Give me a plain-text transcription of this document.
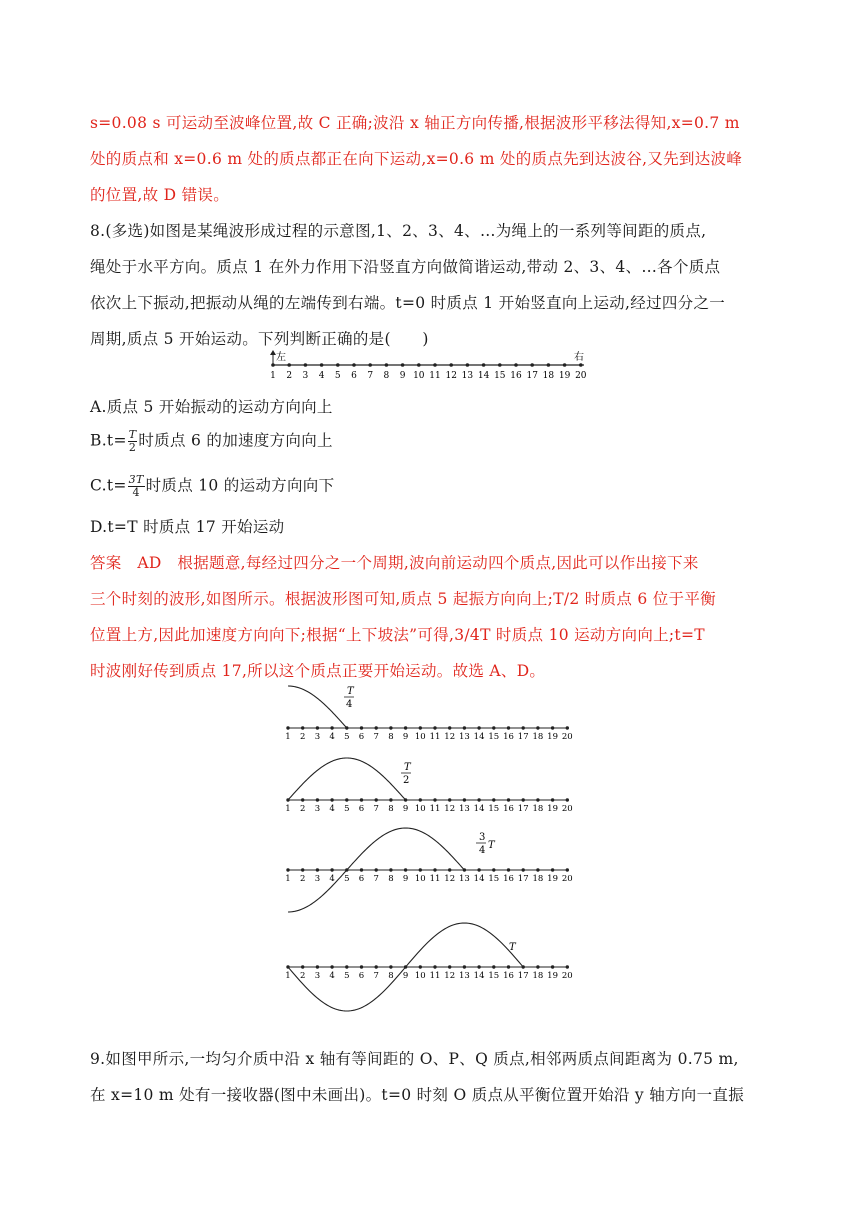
s=0.08 s 可运动至波峰位置,故 C 正确;波沿 x 轴正方向传播,根据波形平移法得知,x=0.7 m
处的质点和 x=0.6 m 处的质点都正在向下运动,x=0.6 m 处的质点先到达波谷,又先到达波峰
的位置,故 D 错误。
8.(多选)如图是某绳波形成过程的示意图,1、2、3、4、…为绳上的一系列等间距的质点,
绳处于水平方向。质点 1 在外力作用下沿竖直方向做简谐运动,带动 2、3、4、…各个质点
依次上下振动,把振动从绳的左端传到右端。t=0 时质点 1 开始竖直向上运动,经过四分之一
周期,质点 5 开始运动。下列判断正确的是(　　)
左	右
1 2 3 4 5 6 7 8 9 10 11 12 13 14 15 16 17 18 19 20
A.质点 5 开始振动的运动方向向上
$B.t= \frac{T}{2}$ 时质点 6 的加速度方向向上
$C.t= \frac{3T}{4}$ 时质点 10 的运动方向向下
D.t=T 时质点 17 开始运动
答案　AD　根据题意,每经过四分之一个周期,波向前运动四个质点,因此可以作出接下来
三个时刻的波形,如图所示。根据波形图可知,质点 5 起振方向向上;T/2 时质点 6 位于平衡
位置上方,因此加速度方向向下;根据“上下坡法”可得,3/4T 时质点 10 运动方向向上;t=T
时波刚好传到质点 17,所以这个质点正要开始运动。故选 A、D。
T
4
T
2
3
4 T
T
1 2 3 4 5 6 7 8 9 10 11 12 13 14 15 16 17 18 19 20
1 2 3 4 5 6 7 8 9 10 11 12 13 14 15 16 17 18 19 20
1 2 3 4 5 6 7 8 9 10 11 12 13 14 15 16 17 18 19 20
1 2 3 4 5 6 7 8 9 10 11 12 13 14 15 16 17 18 19 20
9.如图甲所示,一均匀介质中沿 x 轴有等间距的 O、P、Q 质点,相邻两质点间距离为 0.75 m,
在 x=10 m 处有一接收器(图中未画出)。t=0 时刻 O 质点从平衡位置开始沿 y 轴方向一直振
